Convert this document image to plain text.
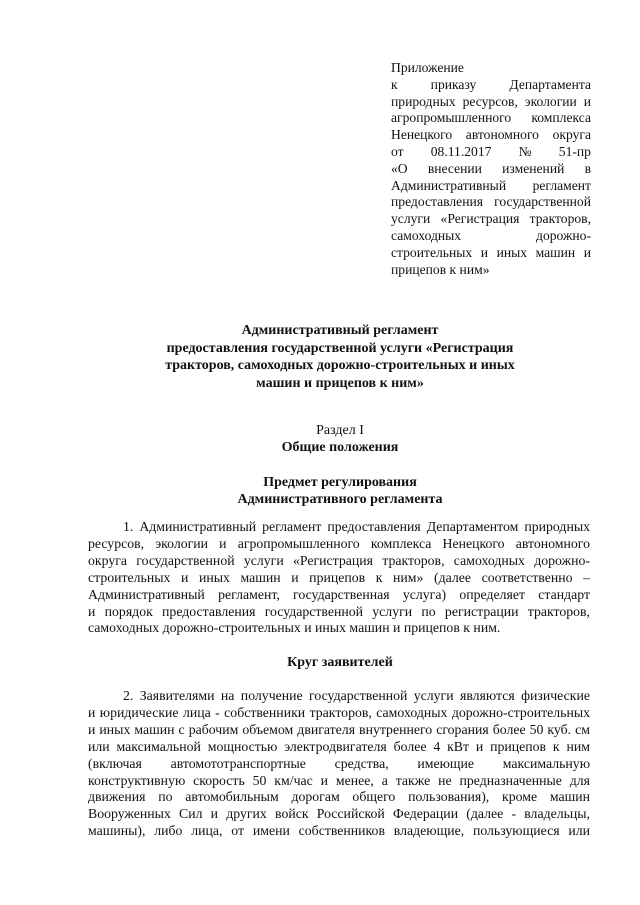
Приложение
к приказу Департамента
природных ресурсов, экологии и
агропромышленного комплекса
Ненецкого автономного округа
от 08.11.2017 № 51-пр
«О внесении изменений в
Административный регламент
предоставления государственной
услуги «Регистрация тракторов,
самоходных дорожно-
строительных и иных машин и
прицепов к ним»
Административный регламент
предоставления государственной услуги «Регистрация
тракторов, самоходных дорожно-строительных и иных
машин и прицепов к ним»
Раздел I
Общие положения
Предмет регулирования
Административного регламента
1. Административный регламент предоставления Департаментом природных
ресурсов, экологии и агропромышленного комплекса Ненецкого автономного
округа государственной услуги «Регистрация тракторов, самоходных дорожно-
строительных и иных машин и прицепов к ним» (далее соответственно –
Административный регламент, государственная услуга) определяет стандарт
и порядок предоставления государственной услуги по регистрации тракторов,
самоходных дорожно-строительных и иных машин и прицепов к ним.
Круг заявителей
2. Заявителями на получение государственной услуги являются физические
и юридические лица - собственники тракторов, самоходных дорожно-строительных
и иных машин с рабочим объемом двигателя внутреннего сгорания более 50 куб. см
или максимальной мощностью электродвигателя более 4 кВт и прицепов к ним
(включая автомототранспортные средства, имеющие максимальную
конструктивную скорость 50 км/час и менее, а также не предназначенные для
движения по автомобильным дорогам общего пользования), кроме машин
Вооруженных Сил и других войск Российской Федерации (далее - владельцы,
машины), либо лица, от имени собственников владеющие, пользующиеся или
